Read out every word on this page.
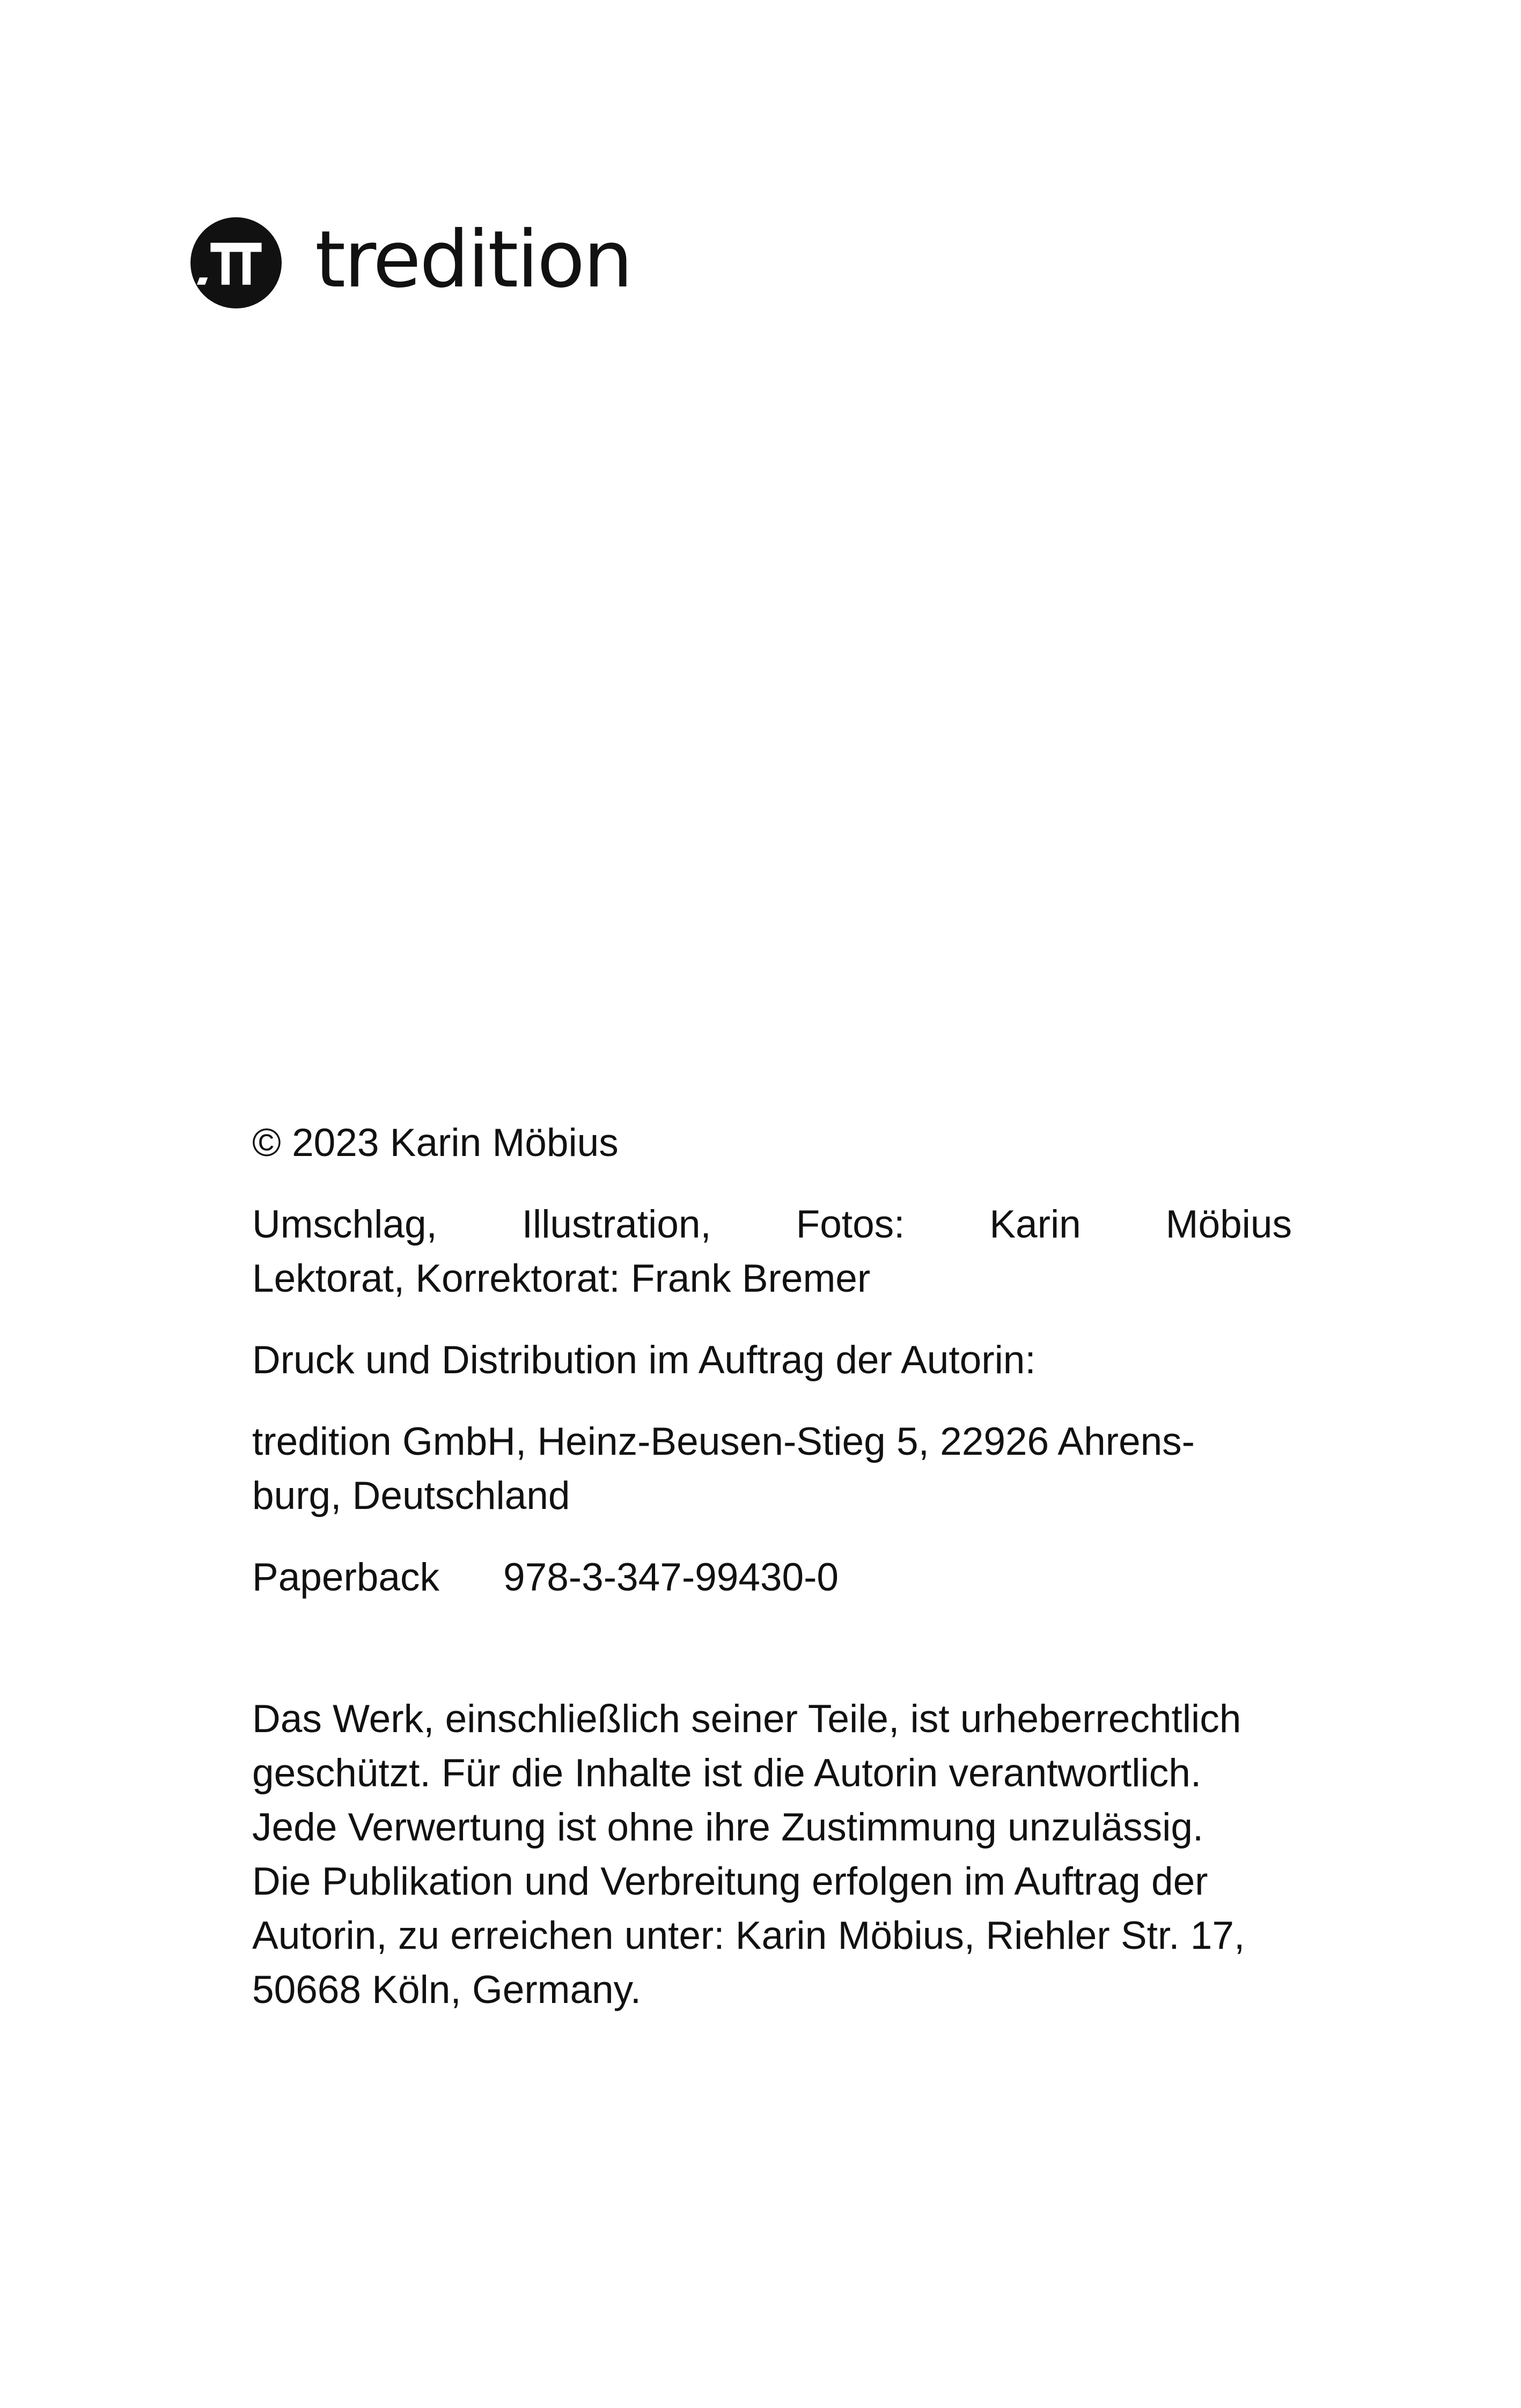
tredition

© 2023 Karin Möbius

Umschlag, Illustration, Fotos: Karin Möbius

Lektorat, Korrektorat: Frank Bremer

Druck und Distribution im Auftrag der Autorin:

tredition GmbH, Heinz-Beusen-Stieg 5, 22926 Ahrens-

burg, Deutschland

Paperback	978-3-347-99430-0

Das Werk, einschließlich seiner Teile, ist urheberrechtlich

geschützt. Für die Inhalte ist die Autorin verantwortlich.

Jede Verwertung ist ohne ihre Zustimmung unzulässig.

Die Publikation und Verbreitung erfolgen im Auftrag der

Autorin, zu erreichen unter: Karin Möbius, Riehler Str. 17,

50668 Köln, Germany.
